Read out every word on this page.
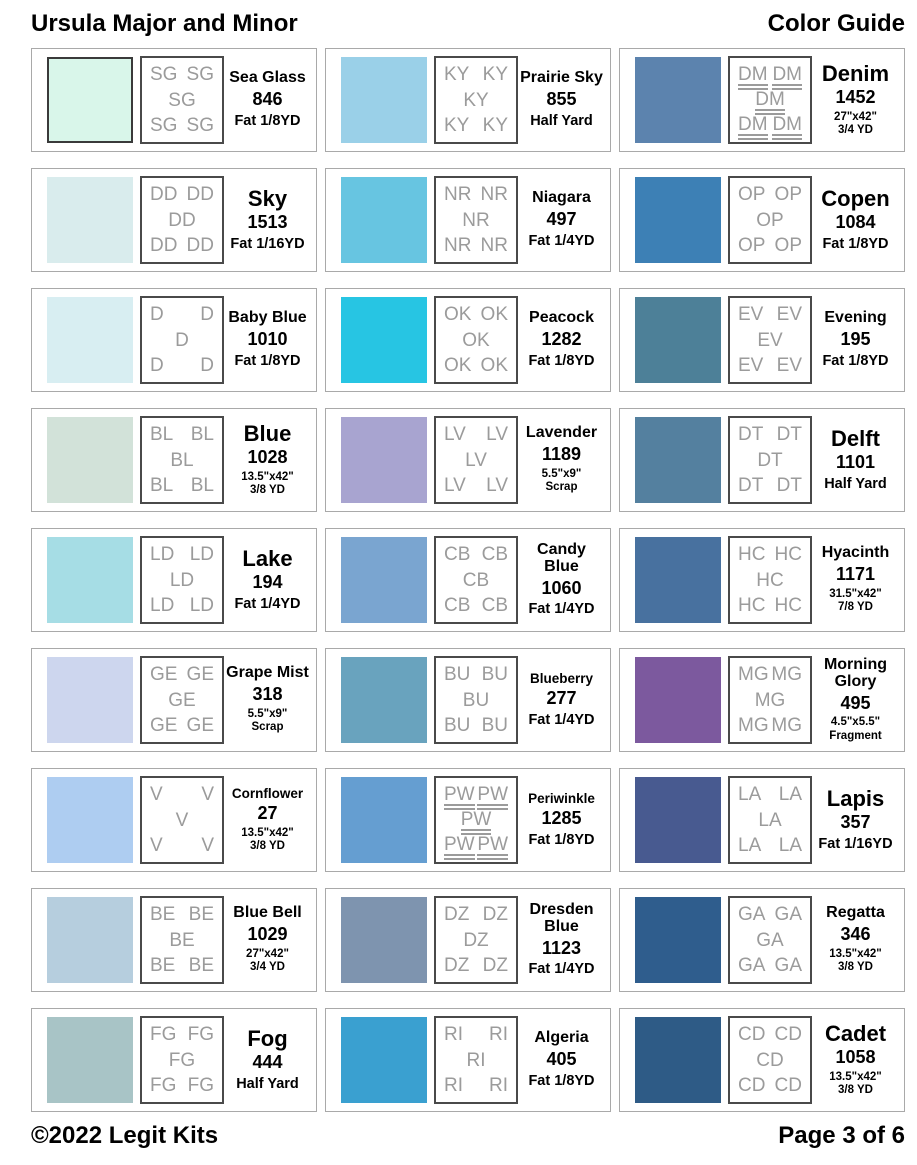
Ursula Major and Minor	Color Guide
SG SG
SG
SG SG
Sea Glass
846
Fat 1/8YD
KY KY
KY
KY KY
Prairie Sky
855
Half Yard
DM DM
DM
DM DM
Denim
1452
27"x42"
3/4 YD
DD DD
DD
DD DD
Sky
1513
Fat 1/16YD
NR NR
NR
NR NR
Niagara
497
Fat 1/4YD
OP OP
OP
OP OP
Copen
1084
Fat 1/8YD
D D
D
D D
Baby Blue
1010
Fat 1/8YD
OK OK
OK
OK OK
Peacock
1282
Fat 1/8YD
EV EV
EV
EV EV
Evening
195
Fat 1/8YD
BL BL
BL
BL BL
Blue
1028
13.5"x42"
3/8 YD
LV LV
LV
LV LV
Lavender
1189
5.5"x9"
Scrap
DT DT
DT
DT DT
Delft
1101
Half Yard
LD LD
LD
LD LD
Lake
194
Fat 1/4YD
CB CB
CB
CB CB
Candy Blue
1060
Fat 1/4YD
HC HC
HC
HC HC
Hyacinth
1171
31.5"x42"
7/8 YD
GE GE
GE
GE GE
Grape Mist
318
5.5"x9"
Scrap
BU BU
BU
BU BU
Blueberry
277
Fat 1/4YD
MG MG
MG
MG MG
Morning Glory
495
4.5"x5.5"
Fragment
V V
V
V V
Cornflower
27
13.5"x42"
3/8 YD
PW PW
PW
PW PW
Periwinkle
1285
Fat 1/8YD
LA LA
LA
LA LA
Lapis
357
Fat 1/16YD
BE BE
BE
BE BE
Blue Bell
1029
27"x42"
3/4 YD
DZ DZ
DZ
DZ DZ
Dresden Blue
1123
Fat 1/4YD
GA GA
GA
GA GA
Regatta
346
13.5"x42"
3/8 YD
FG FG
FG
FG FG
Fog
444
Half Yard
RI RI
RI
RI RI
Algeria
405
Fat 1/8YD
CD CD
CD
CD CD
Cadet
1058
13.5"x42"
3/8 YD
©2022 Legit Kits	Page 3 of 6
